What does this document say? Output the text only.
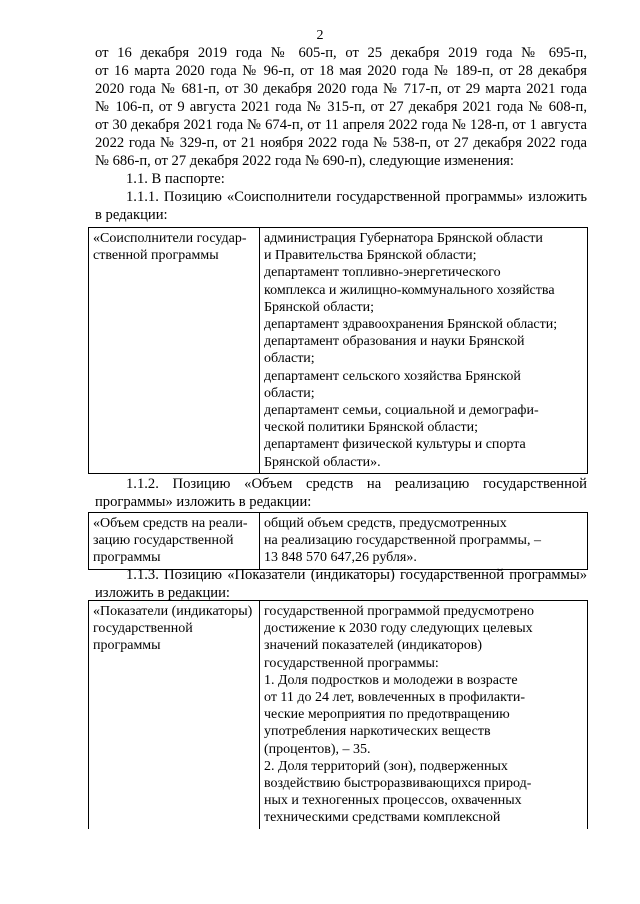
2
от 16 декабря 2019 года № 605-п, от 25 декабря 2019 года № 695-п,
от 16 марта 2020 года № 96-п, от 18 мая 2020 года № 189-п, от 28 декабря
2020 года № 681-п, от 30 декабря 2020 года № 717-п, от 29 марта 2021 года
№ 106-п, от 9 августа 2021 года № 315-п, от 27 декабря 2021 года № 608-п,
от 30 декабря 2021 года № 674-п, от 11 апреля 2022 года № 128-п, от 1 августа
2022 года № 329-п, от 21 ноября 2022 года № 538-п, от 27 декабря 2022 года
№ 686-п, от 27 декабря 2022 года № 690-п), следующие изменения:
1.1. В паспорте:
1.1.1. Позицию «Соисполнители государственной программы» изложить
в редакции:
«Соисполнители государ-
ственной программы

администрация Губернатора Брянской области
и Правительства Брянской области;
департамент топливно-энергетического
комплекса и жилищно-коммунального хозяйства
Брянской области;
департамент здравоохранения Брянской области;
департамент образования и науки Брянской
области;
департамент сельского хозяйства Брянской
области;
департамент семьи, социальной и демографи-
ческой политики Брянской области;
департамент физической культуры и спорта
Брянской области».
1.1.2. Позицию «Объем средств на реализацию государственной
программы» изложить в редакции:
«Объем средств на реали-
зацию государственной
программы

общий объем средств, предусмотренных
на реализацию государственной программы, –
13 848 570 647,26 рубля».
1.1.3. Позицию «Показатели (индикаторы) государственной программы»
изложить в редакции:
«Показатели (индикаторы)
государственной
программы

государственной программой предусмотрено
достижение к 2030 году следующих целевых
значений показателей (индикаторов)
государственной программы:
1. Доля подростков и молодежи в возрасте
от 11 до 24 лет, вовлеченных в профилакти-
ческие мероприятия по предотвращению
употребления наркотических веществ
(процентов), – 35.
2. Доля территорий (зон), подверженных
воздействию быстроразвивающихся природ-
ных и техногенных процессов, охваченных
техническими средствами комплексной
